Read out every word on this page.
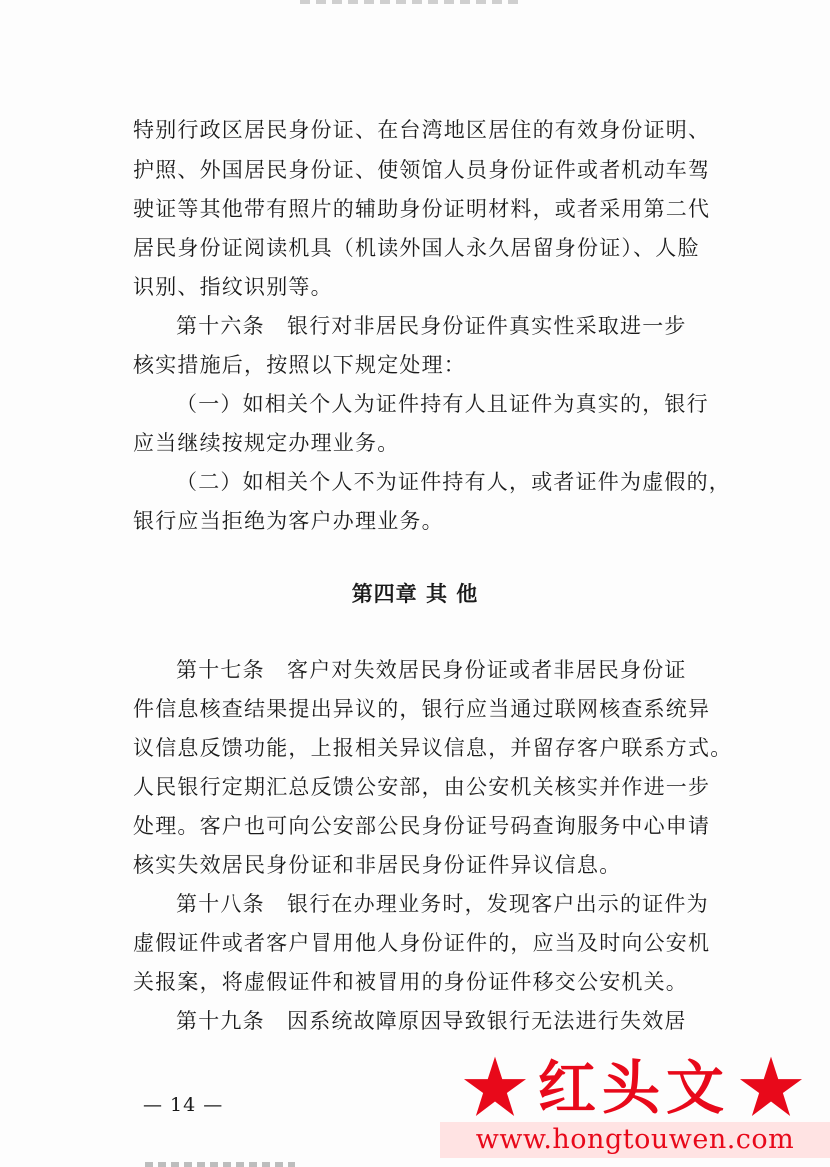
特别行政区居民身份证、在台湾地区居住的有效身份证明、
护照、外国居民身份证、使领馆人员身份证件或者机动车驾
驶证等其他带有照片的辅助身份证明材料，或者采用第二代
居民身份证阅读机具（机读外国人永久居留身份证）、人脸
识别、指纹识别等。
第十六条　银行对非居民身份证件真实性采取进一步
核实措施后，按照以下规定处理：
（一）如相关个人为证件持有人且证件为真实的，银行
应当继续按规定办理业务。
（二）如相关个人不为证件持有人，或者证件为虚假的，
银行应当拒绝为客户办理业务。
第四章 其 他
第十七条　客户对失效居民身份证或者非居民身份证
件信息核查结果提出异议的，银行应当通过联网核查系统异
议信息反馈功能，上报相关异议信息，并留存客户联系方式。
人民银行定期汇总反馈公安部，由公安机关核实并作进一步
处理。客户也可向公安部公民身份证号码查询服务中心申请
核实失效居民身份证和非居民身份证件异议信息。
第十八条　银行在办理业务时，发现客户出示的证件为
虚假证件或者客户冒用他人身份证件的，应当及时向公安机
关报案，将虚假证件和被冒用的身份证件移交公安机关。
第十九条　因系统故障原因导致银行无法进行失效居
— 14 —	红头文
www.hongtouwen.com
